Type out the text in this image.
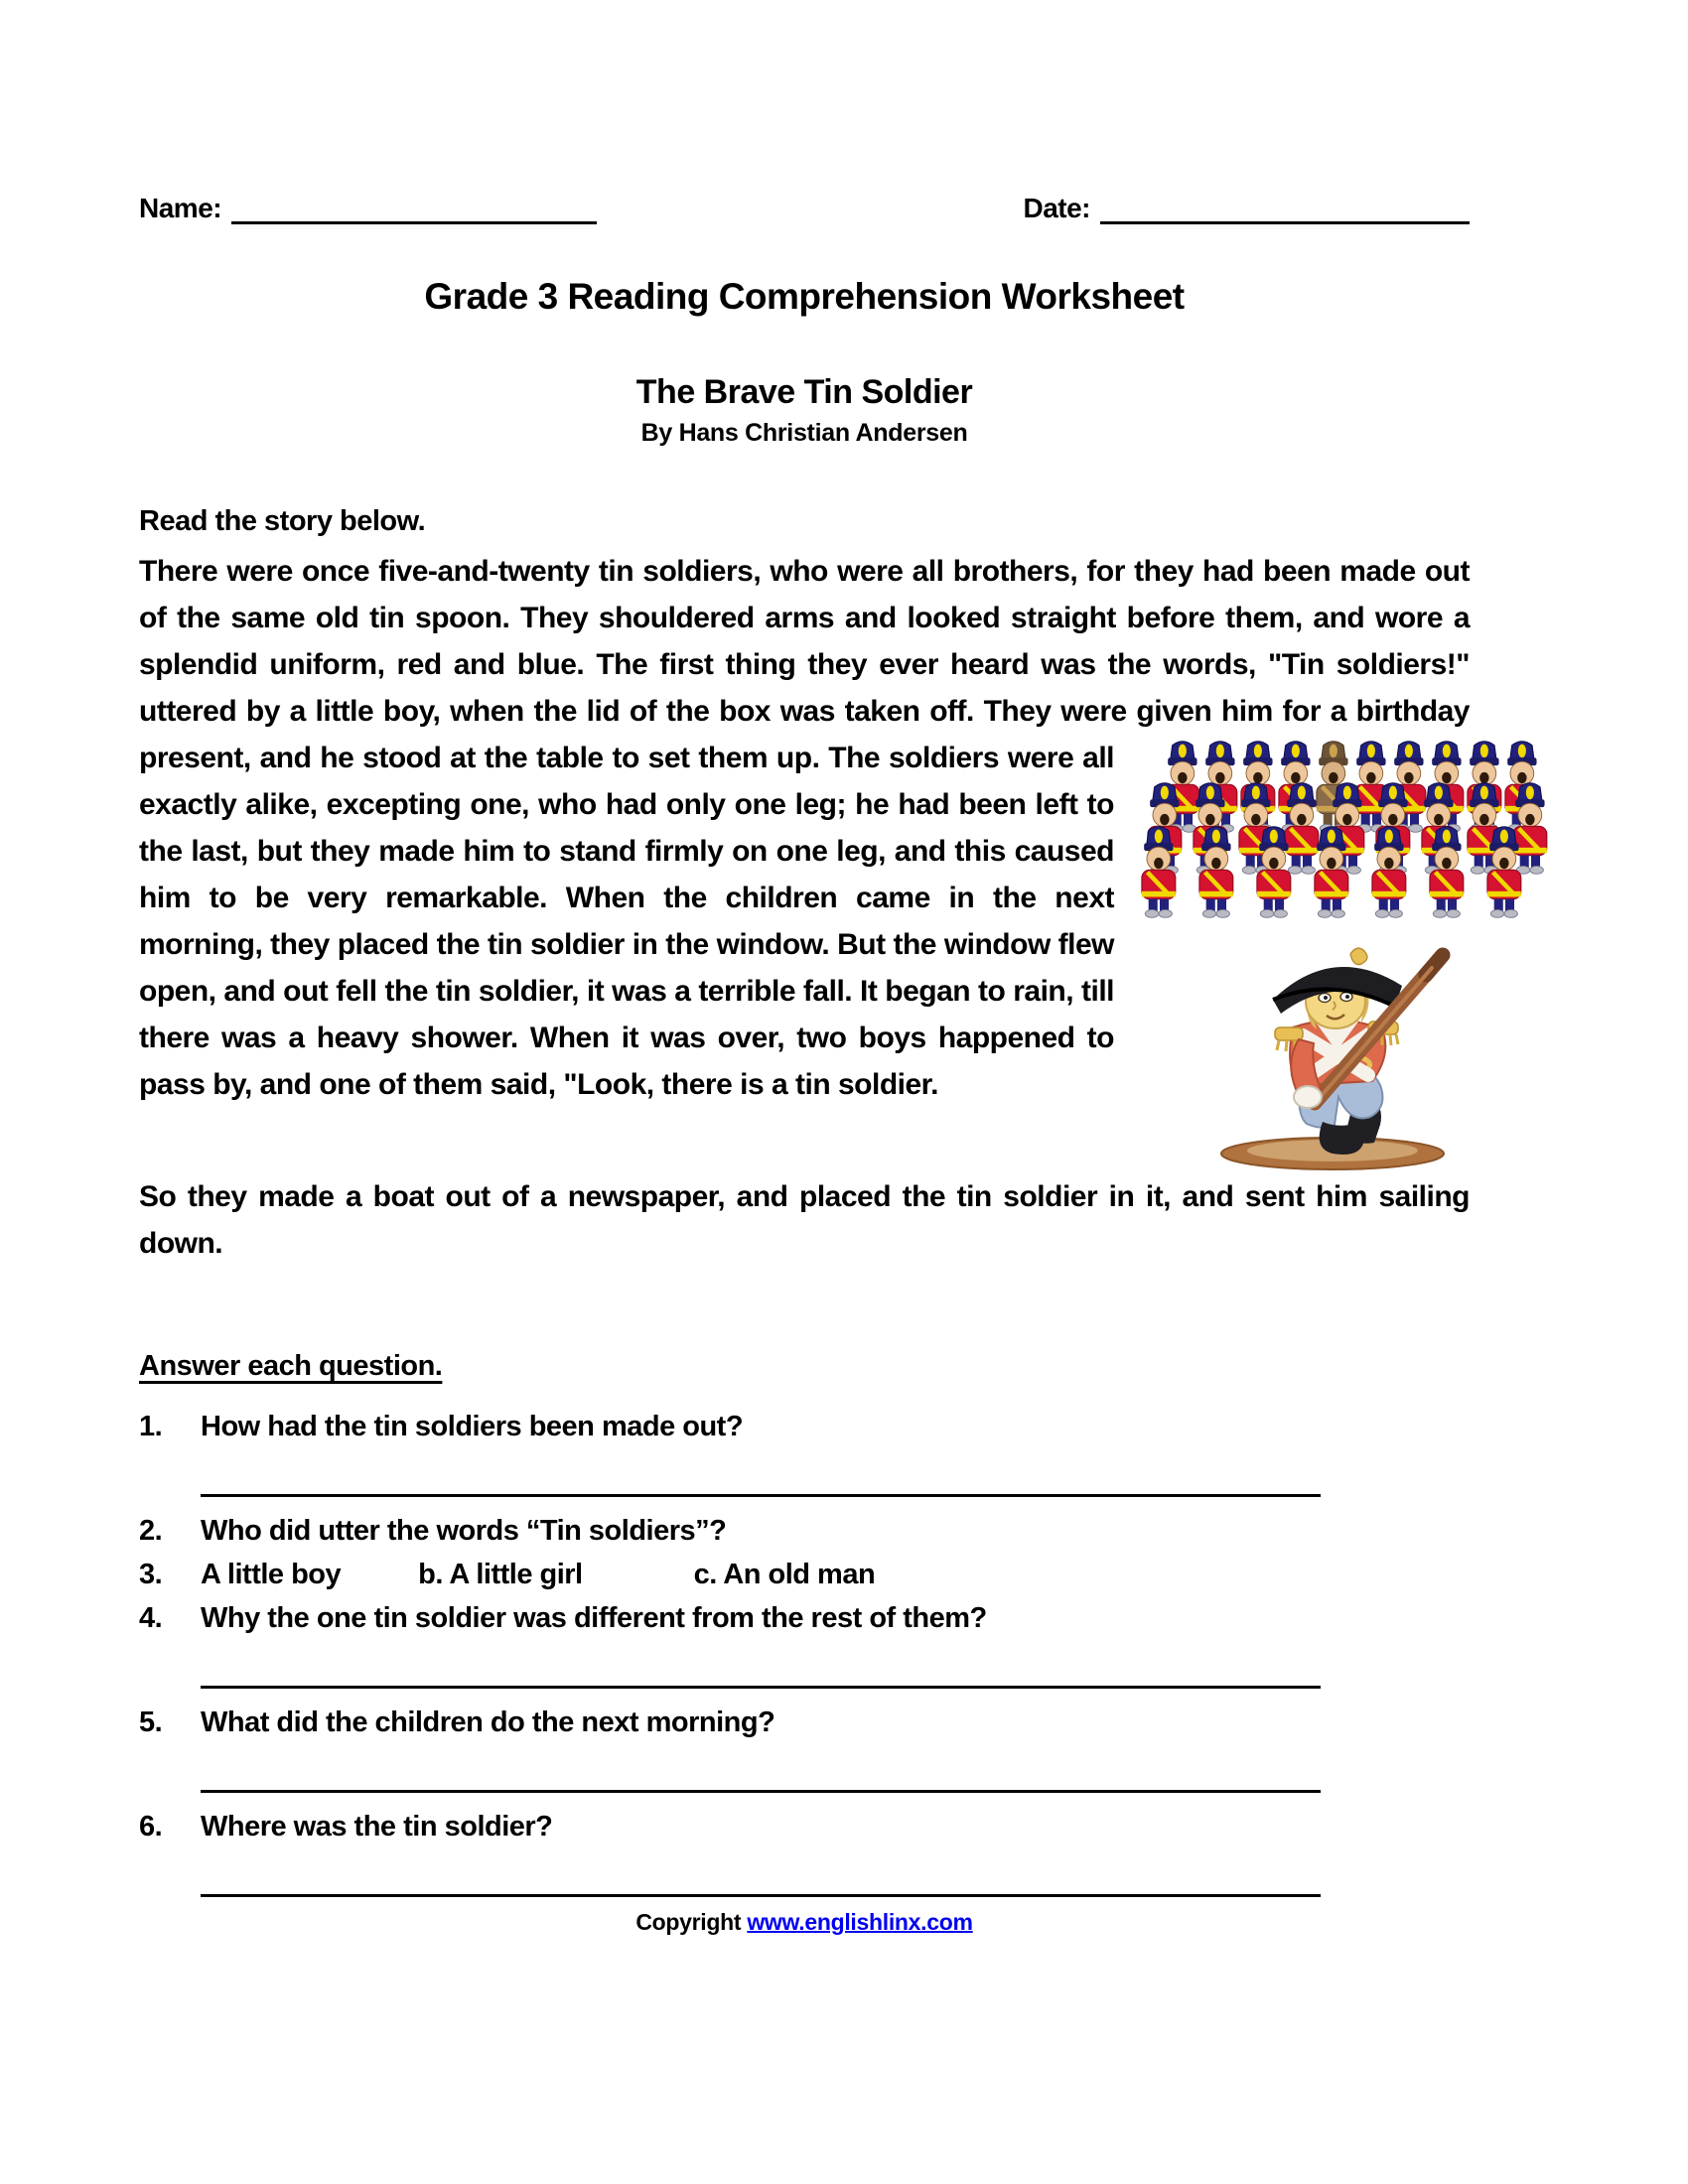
Name:	Date:
Grade 3 Reading Comprehension Worksheet
The Brave Tin Soldier
By Hans Christian Andersen
Read the story below.

There were once five-and-twenty tin soldiers, who were all brothers, for they had been made out of the same old tin spoon. They shouldered arms and looked straight before them, and wore a splendid uniform, red and blue. The first thing they ever heard was the words, "Tin soldiers!" uttered by a little boy, when the lid of the box was taken off. They were given him for a birthday

present, and he stood at the table to set them up. The soldiers were all exactly alike, excepting one, who had only one leg; he had been left to the last, but they made him to stand firmly on one leg, and this caused him to be very remarkable. When the children came in the next morning, they placed the tin soldier in the window. But the window flew open, and out fell the tin soldier, it was a terrible fall. It began to rain, till there was a heavy shower. When it was over, two boys happened to pass by, and one of them said, "Look, there is a tin soldier.

So they made a boat out of a newspaper, and placed the tin soldier in it, and sent him sailing down.

Answer each question.
1.	How had the tin soldiers been made out?
2.	Who did utter the words “Tin soldiers”?
3.	A little boy	b. A little girl	c. An old man
4.	Why the one tin soldier was different from the rest of them?
5.	What did the children do the next morning?
6.	Where was the tin soldier?
Copyright www.englishlinx.com
